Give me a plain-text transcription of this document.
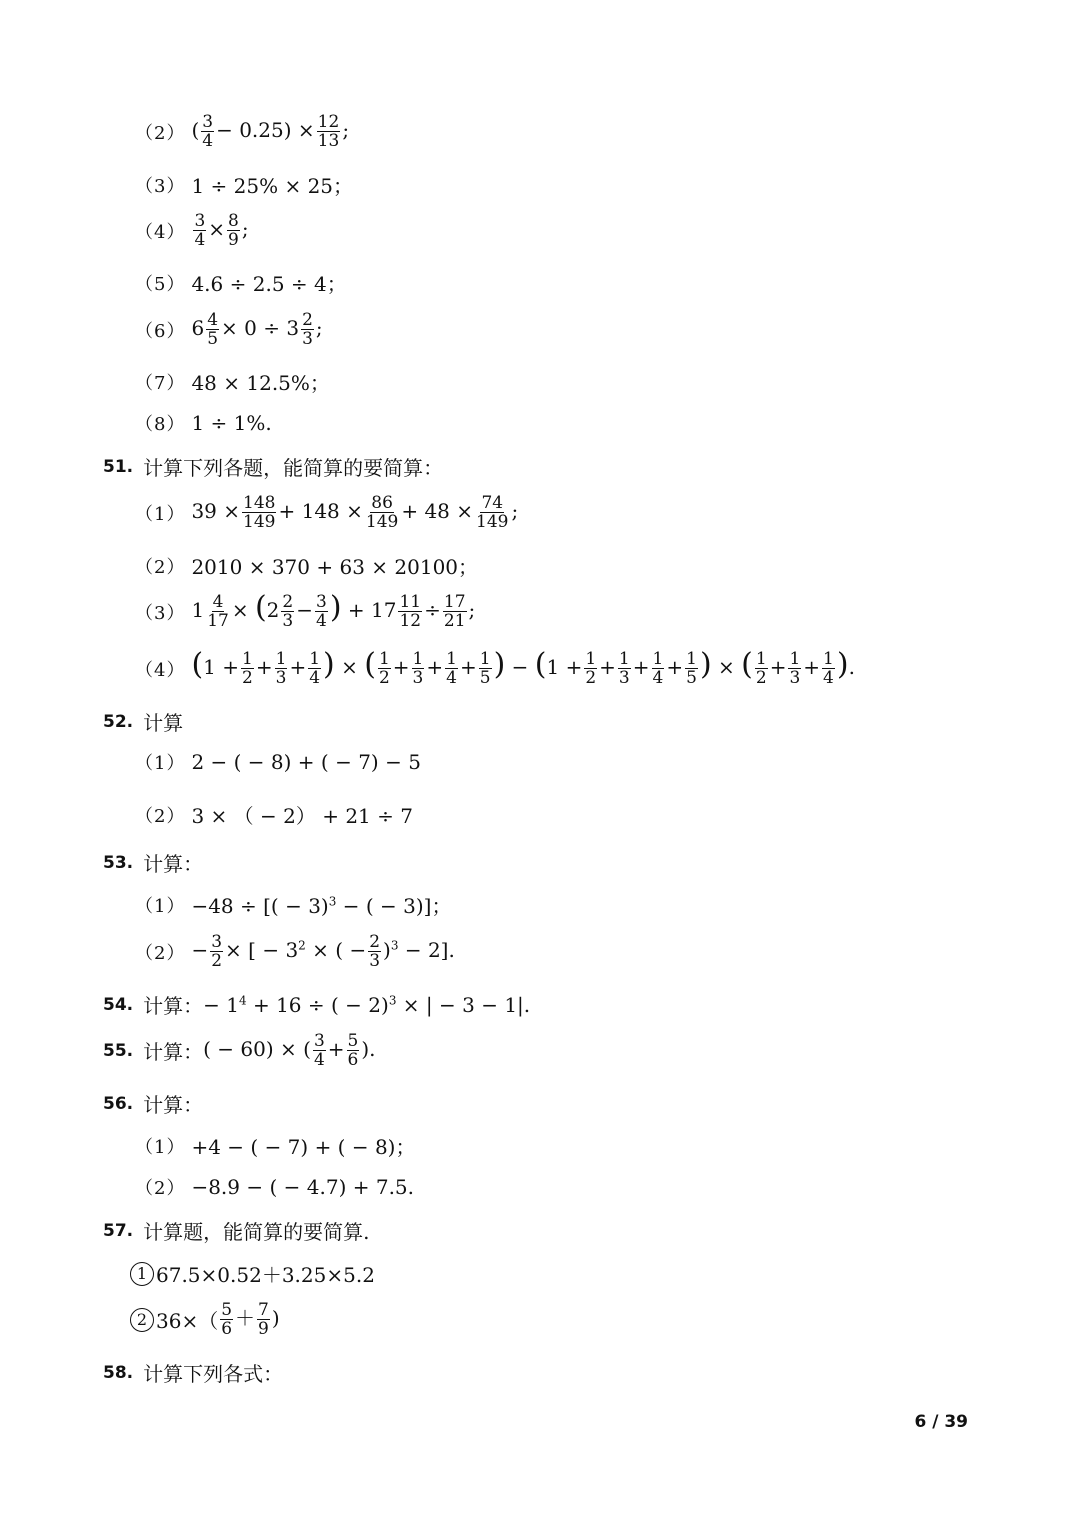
（2） ( $\frac{3}{4} - 0.25) \times \frac{12}{13}$ ;
（3） 1 ÷ 25% × 25；
$(4) \frac{3}{4} \times \frac{8}{9}$ ;
（5） 4.6 ÷ 2.5 ÷ 4；
（6） $6 \frac{4}{5} \times 0 \div 3 \frac{2}{3}$ ;
（7） 48 × 12.5%；
（8） 1 ÷ 1%.
51. 计算下列各题，能简算的要简算：
（1） $39 \times \frac{148}{149} + 148 \times \frac{86}{149} + 48 \times \frac{74}{149}$ ;
（2） 2010 × 370 + 63 × 20100；
（3） $1 \frac{4}{17} \times (2 \frac{2}{3} - \frac{3}{4}$ ) + $17 \frac{11}{12} \div \frac{17}{21}$ ;
（4） ($1 + \frac{1}{2} + \frac{1}{3} + \frac{1}{4}$ ) × ( $\frac{1}{2} + \frac{1}{3} + \frac{1}{4} + \frac{1}{5}$ ) − ($1 + \frac{1}{2} + \frac{1}{3} + \frac{1}{4} + \frac{1}{5}$ ) × ( $\frac{1}{2} + \frac{1}{3} + \frac{1}{4}$ ).
52. 计算
（1） 2 − ( − 8) + ( − 7) − 5
（2） 3 × （ − 2） + 21 ÷ 7
53. 计算：
（1） −48 ÷ [( − 3)$^3$ − ( − 3)]；
$(2) - \frac{3}{2}$ × [ − $3^2$ × ( − $\frac{2}{3} )^3 - 2$].
54. 计算： − $1^4 + 16$ ÷ ( − 2)$^3$ × | − 3 − 1|.
55. 计算： ( − 60) × ( $\frac{3}{4} + \frac{5}{6}$ ).
56. 计算：
（1） +4 − ( − 7) + ( − 8)；
（2） −8.9 − ( − 4.7) + 7.5.
57. 计算题，能简算的要简算.
1 67.5×0.52＋3.25×5.2
2 $36\times( \frac{5}{6} + \frac{7}{9}$ )
58. 计算下列各式：
6 / 39
